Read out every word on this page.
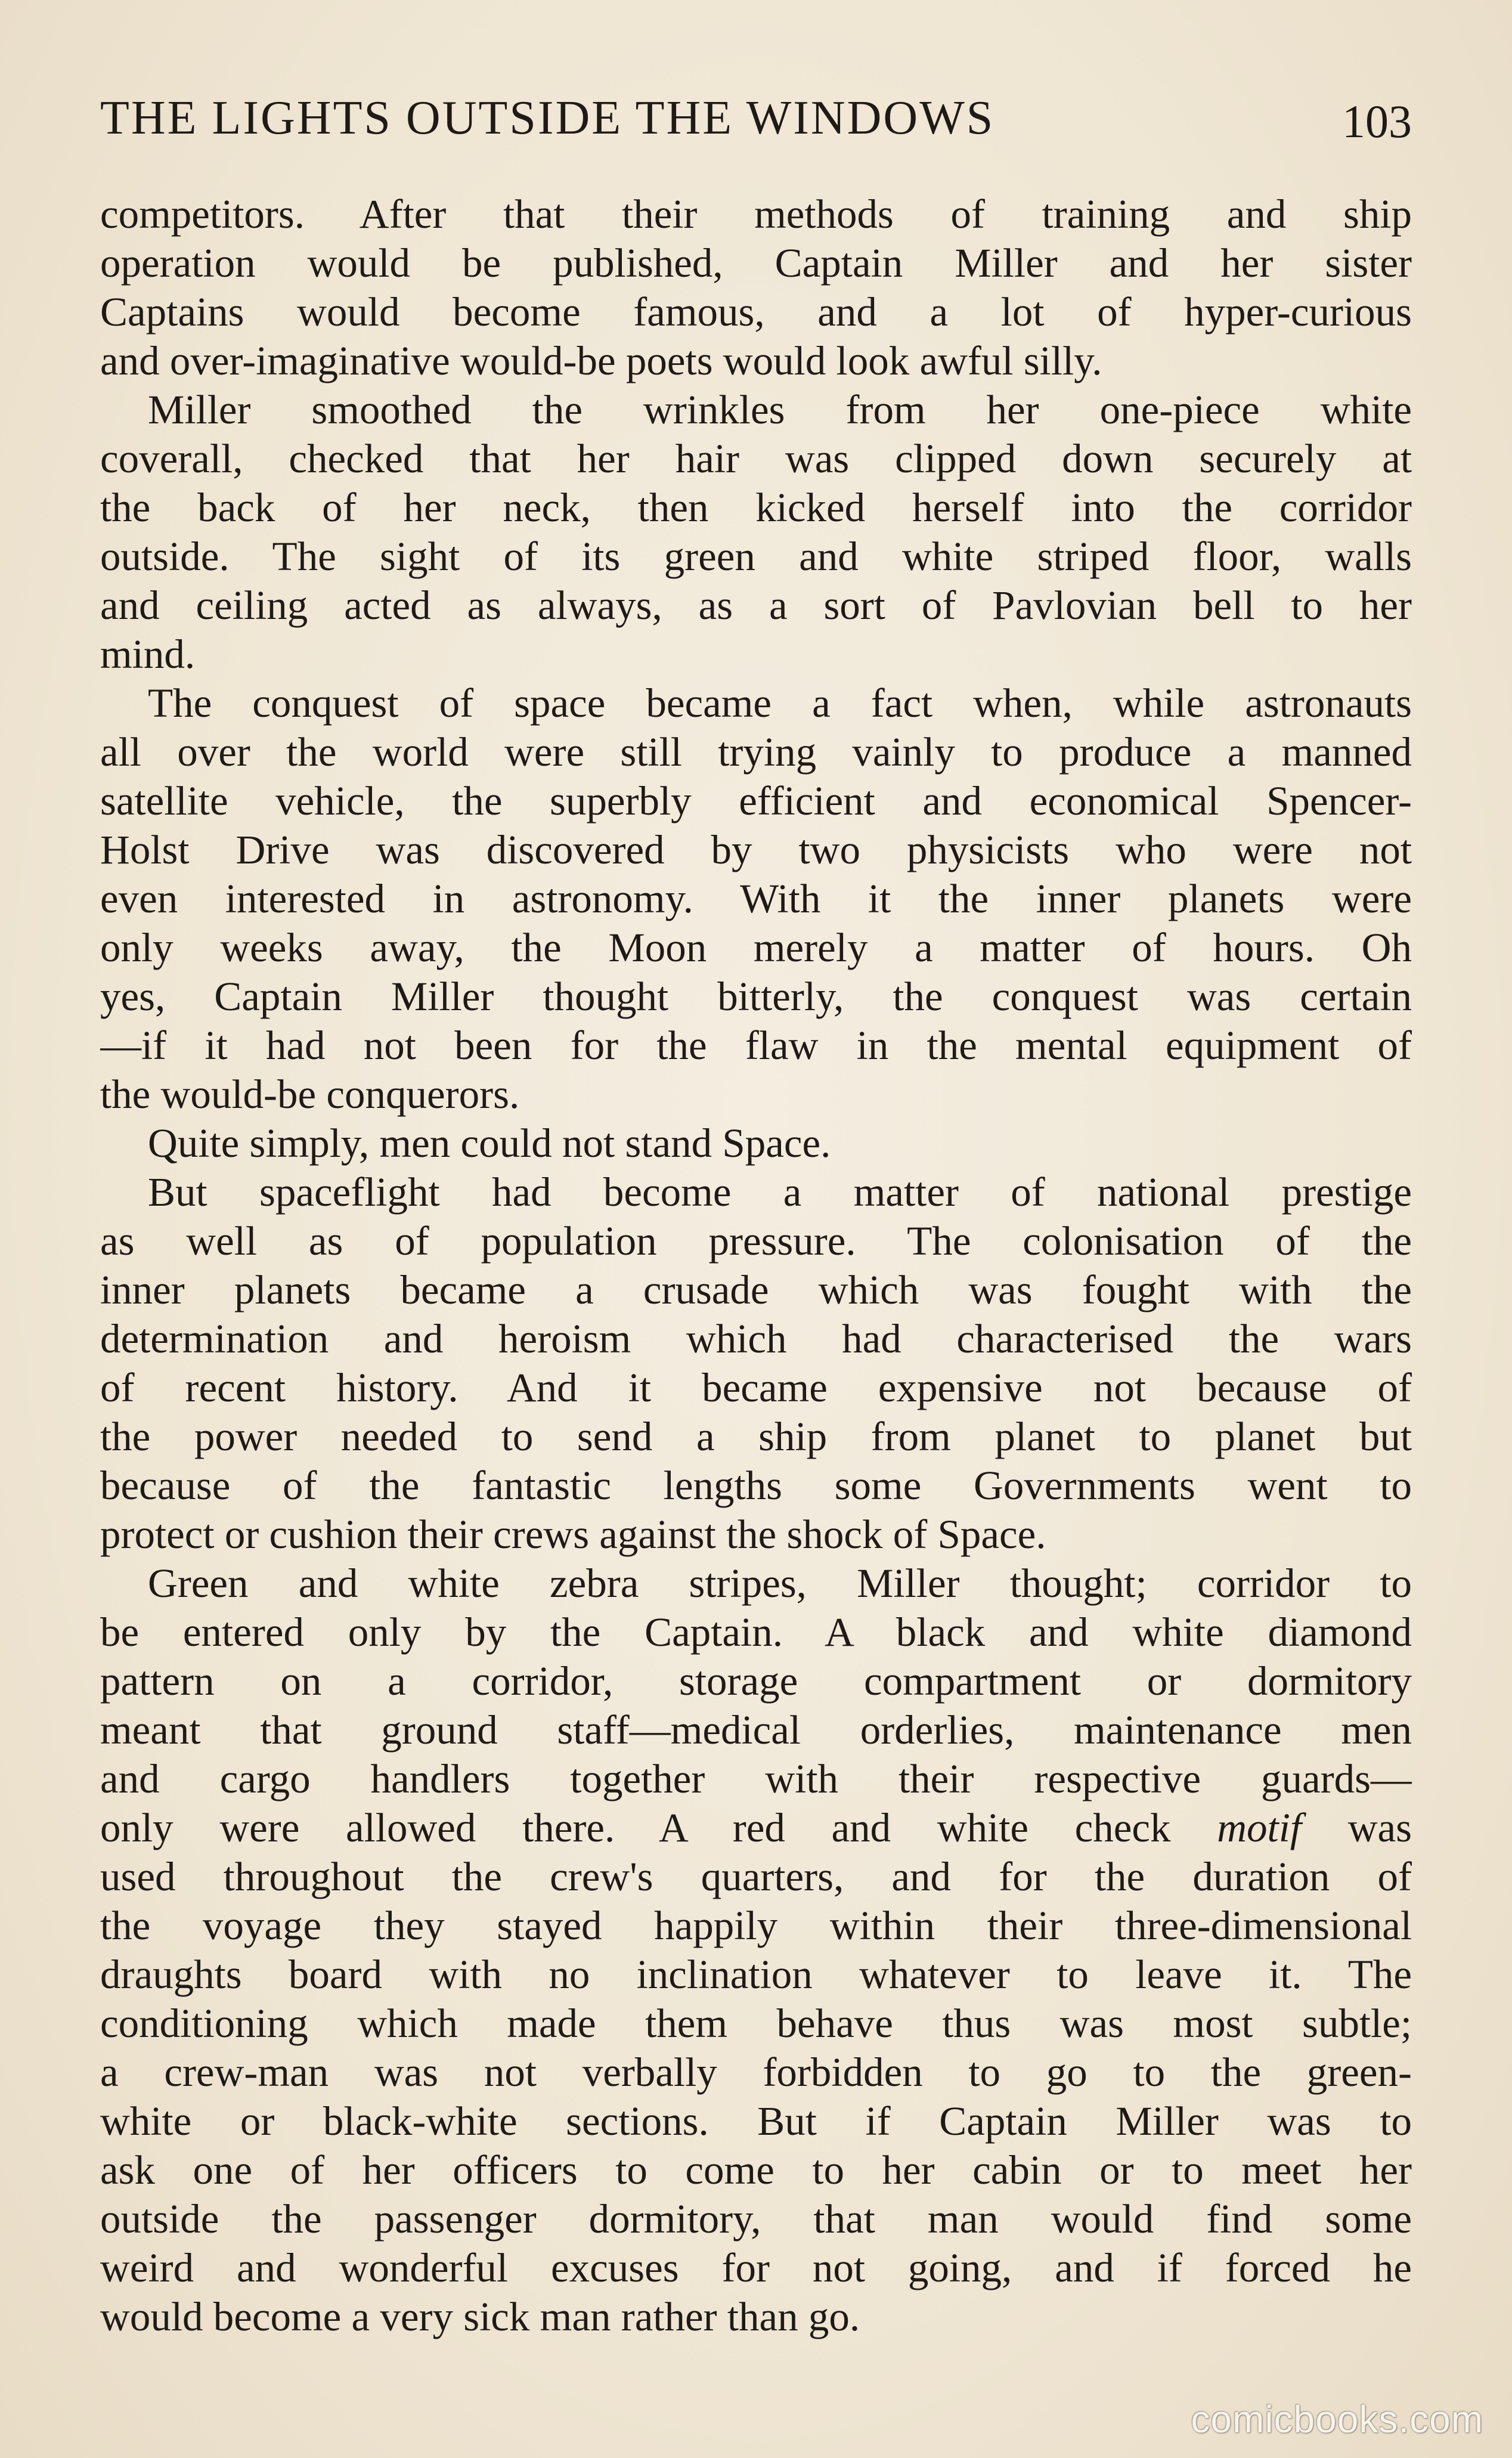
THE LIGHTS OUTSIDE THE WINDOWS	103
competitors. After that their methods of training and ship
operation would be published, Captain Miller and her sister
Captains would become famous, and a lot of hyper-curious
and over-imaginative would-be poets would look awful silly.
Miller smoothed the wrinkles from her one-piece white
coverall, checked that her hair was clipped down securely at
the back of her neck, then kicked herself into the corridor
outside. The sight of its green and white striped floor, walls
and ceiling acted as always, as a sort of Pavlovian bell to her
mind.
The conquest of space became a fact when, while astronauts
all over the world were still trying vainly to produce a manned
satellite vehicle, the superbly efficient and economical Spencer-
Holst Drive was discovered by two physicists who were not
even interested in astronomy. With it the inner planets were
only weeks away, the Moon merely a matter of hours. Oh
yes, Captain Miller thought bitterly, the conquest was certain
—if it had not been for the flaw in the mental equipment of
the would-be conquerors.
Quite simply, men could not stand Space.
But spaceflight had become a matter of national prestige
as well as of population pressure. The colonisation of the
inner planets became a crusade which was fought with the
determination and heroism which had characterised the wars
of recent history. And it became expensive not because of
the power needed to send a ship from planet to planet but
because of the fantastic lengths some Governments went to
protect or cushion their crews against the shock of Space.
Green and white zebra stripes, Miller thought; corridor to
be entered only by the Captain. A black and white diamond
pattern on a corridor, storage compartment or dormitory
meant that ground staff—medical orderlies, maintenance men
and cargo handlers together with their respective guards—
only were allowed there. A red and white check motif was
used throughout the crew's quarters, and for the duration of
the voyage they stayed happily within their three-dimensional
draughts board with no inclination whatever to leave it. The
conditioning which made them behave thus was most subtle;
a crew-man was not verbally forbidden to go to the green-
white or black-white sections. But if Captain Miller was to
ask one of her officers to come to her cabin or to meet her
outside the passenger dormitory, that man would find some
weird and wonderful excuses for not going, and if forced he
would become a very sick man rather than go.
comicbooks.com
